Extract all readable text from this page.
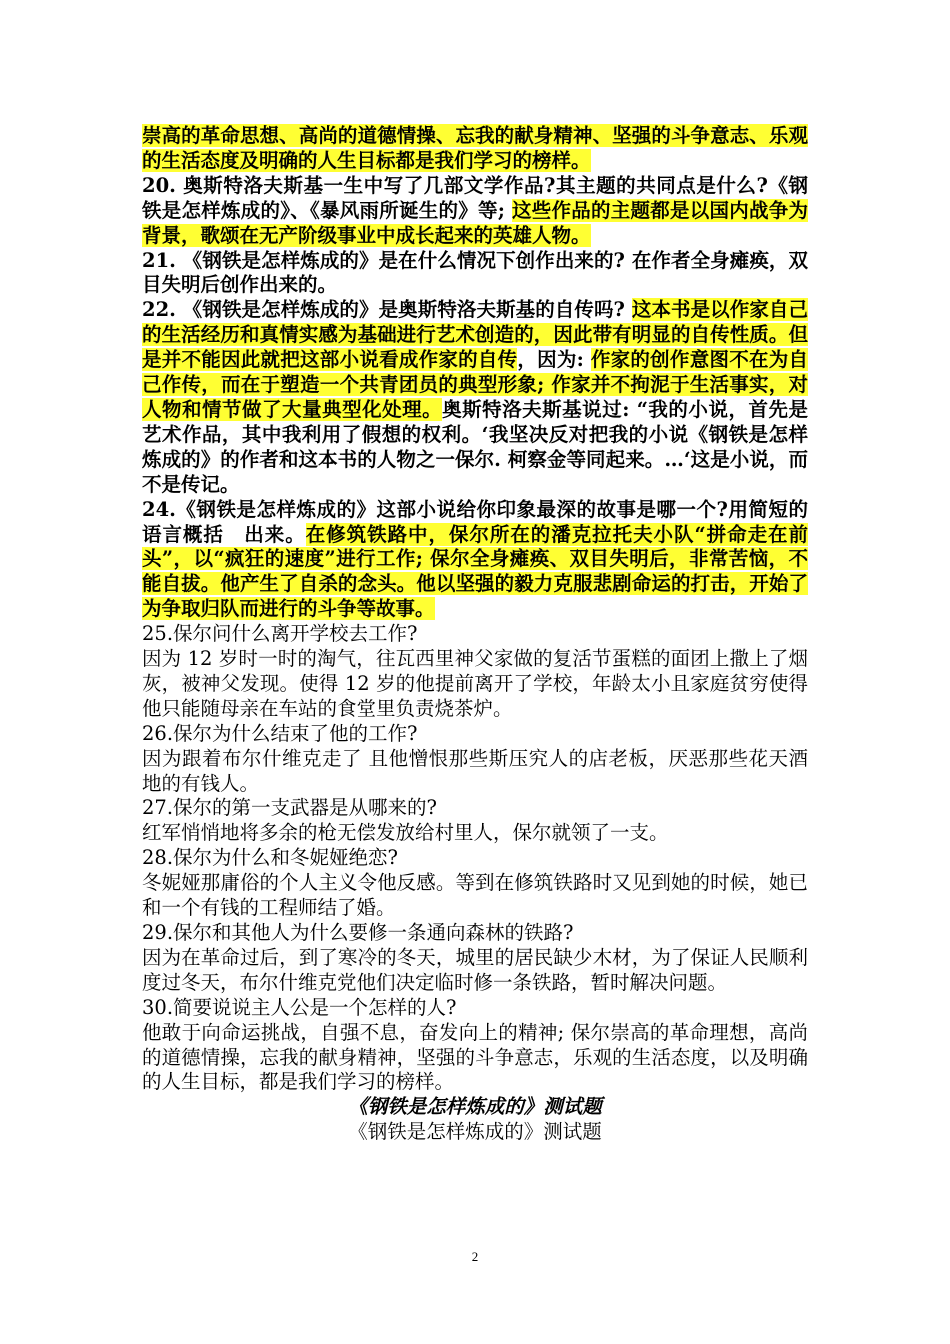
崇高的革命思想、高尚的道德情操、忘我的献身精神、坚强的斗争意志、乐观的生活态度及明确的人生目标都是我们学习的榜样。

20. 奥斯特洛夫斯基一生中写了几部文学作品?其主题的共同点是什么?《钢铁是怎样炼成的》、《暴风雨所诞生的》等; 这些作品的主题都是以国内战争为背景，歌颂在无产阶级事业中成长起来的英雄人物。

21. 《钢铁是怎样炼成的》是在什么情况下创作出来的? 在作者全身瘫痪，双目失明后创作出来的。

22. 《钢铁是怎样炼成的》是奥斯特洛夫斯基的自传吗? 这本书是以作家自己的生活经历和真情实感为基础进行艺术创造的，因此带有明显的自传性质。但是并不能因此就把这部小说看成作家的自传，因为: 作家的创作意图不在为自己作传，而在于塑造一个共青团员的典型形象; 作家并不拘泥于生活事实，对人物和情节做了大量典型化处理。奥斯特洛夫斯基说过: “我的小说，首先是艺术作品，其中我利用了假想的权利。‘我坚决反对把我的小说《钢铁是怎样炼成的》的作者和这本书的人物之一保尔. 柯察金等同起来。…‘这是小说，而不是传记。

24.《钢铁是怎样炼成的》这部小说给你印象最深的故事是哪一个?用简短的语言概括　出来。在修筑铁路中，保尔所在的潘克拉托夫小队“拼命走在前头”，以“疯狂的速度”进行工作; 保尔全身瘫痪、双目失明后，非常苦恼，不能自拔。他产生了自杀的念头。他以坚强的毅力克服悲剧命运的打击，开始了为争取归队而进行的斗争等故事。

25.保尔问什么离开学校去工作?

因为 12 岁时一时的淘气，往瓦西里神父家做的复活节蛋糕的面团上撒上了烟灰，被神父发现。使得 12 岁的他提前离开了学校，年龄太小且家庭贫穷使得他只能随母亲在车站的食堂里负责烧茶炉。

26.保尔为什么结束了他的工作?

因为跟着布尔什维克走了 且他憎恨那些斯压究人的店老板，厌恶那些花天酒地的有钱人。

27.保尔的第一支武器是从哪来的?

红军悄悄地将多余的枪无偿发放给村里人，保尔就领了一支。

28.保尔为什么和冬妮娅绝恋?

冬妮娅那庸俗的个人主义令他反感。等到在修筑铁路时又见到她的时候，她已和一个有钱的工程师结了婚。

29.保尔和其他人为什么要修一条通向森林的铁路?

因为在革命过后，到了寒冷的冬天，城里的居民缺少木材，为了保证人民顺利度过冬天，布尔什维克党他们决定临时修一条铁路，暂时解决问题。

30.简要说说主人公是一个怎样的人?

他敢于向命运挑战，自强不息，奋发向上的精神; 保尔崇高的革命理想，高尚的道德情操，忘我的献身精神，坚强的斗争意志，乐观的生活态度，以及明确的人生目标，都是我们学习的榜样。

《钢铁是怎样炼成的》测试题

《钢铁是怎样炼成的》测试题

2
